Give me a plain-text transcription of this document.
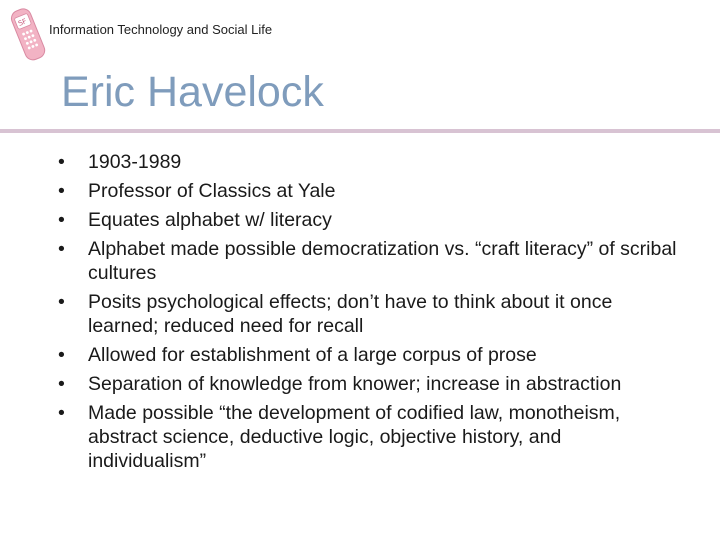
SF Information Technology and Social Life
Eric Havelock
• 1903-1989
• Professor of Classics at Yale
• Equates alphabet w/ literacy
• Alphabet made possible democratization vs. “craft literacy” of scribal cultures
• Posits psychological effects; don’t have to think about it once learned; reduced need for recall
• Allowed for establishment of a large corpus of prose
• Separation of knowledge from knower; increase in abstraction
• Made possible “the development of codified law, monotheism, abstract science, deductive logic, objective history, and individualism”
